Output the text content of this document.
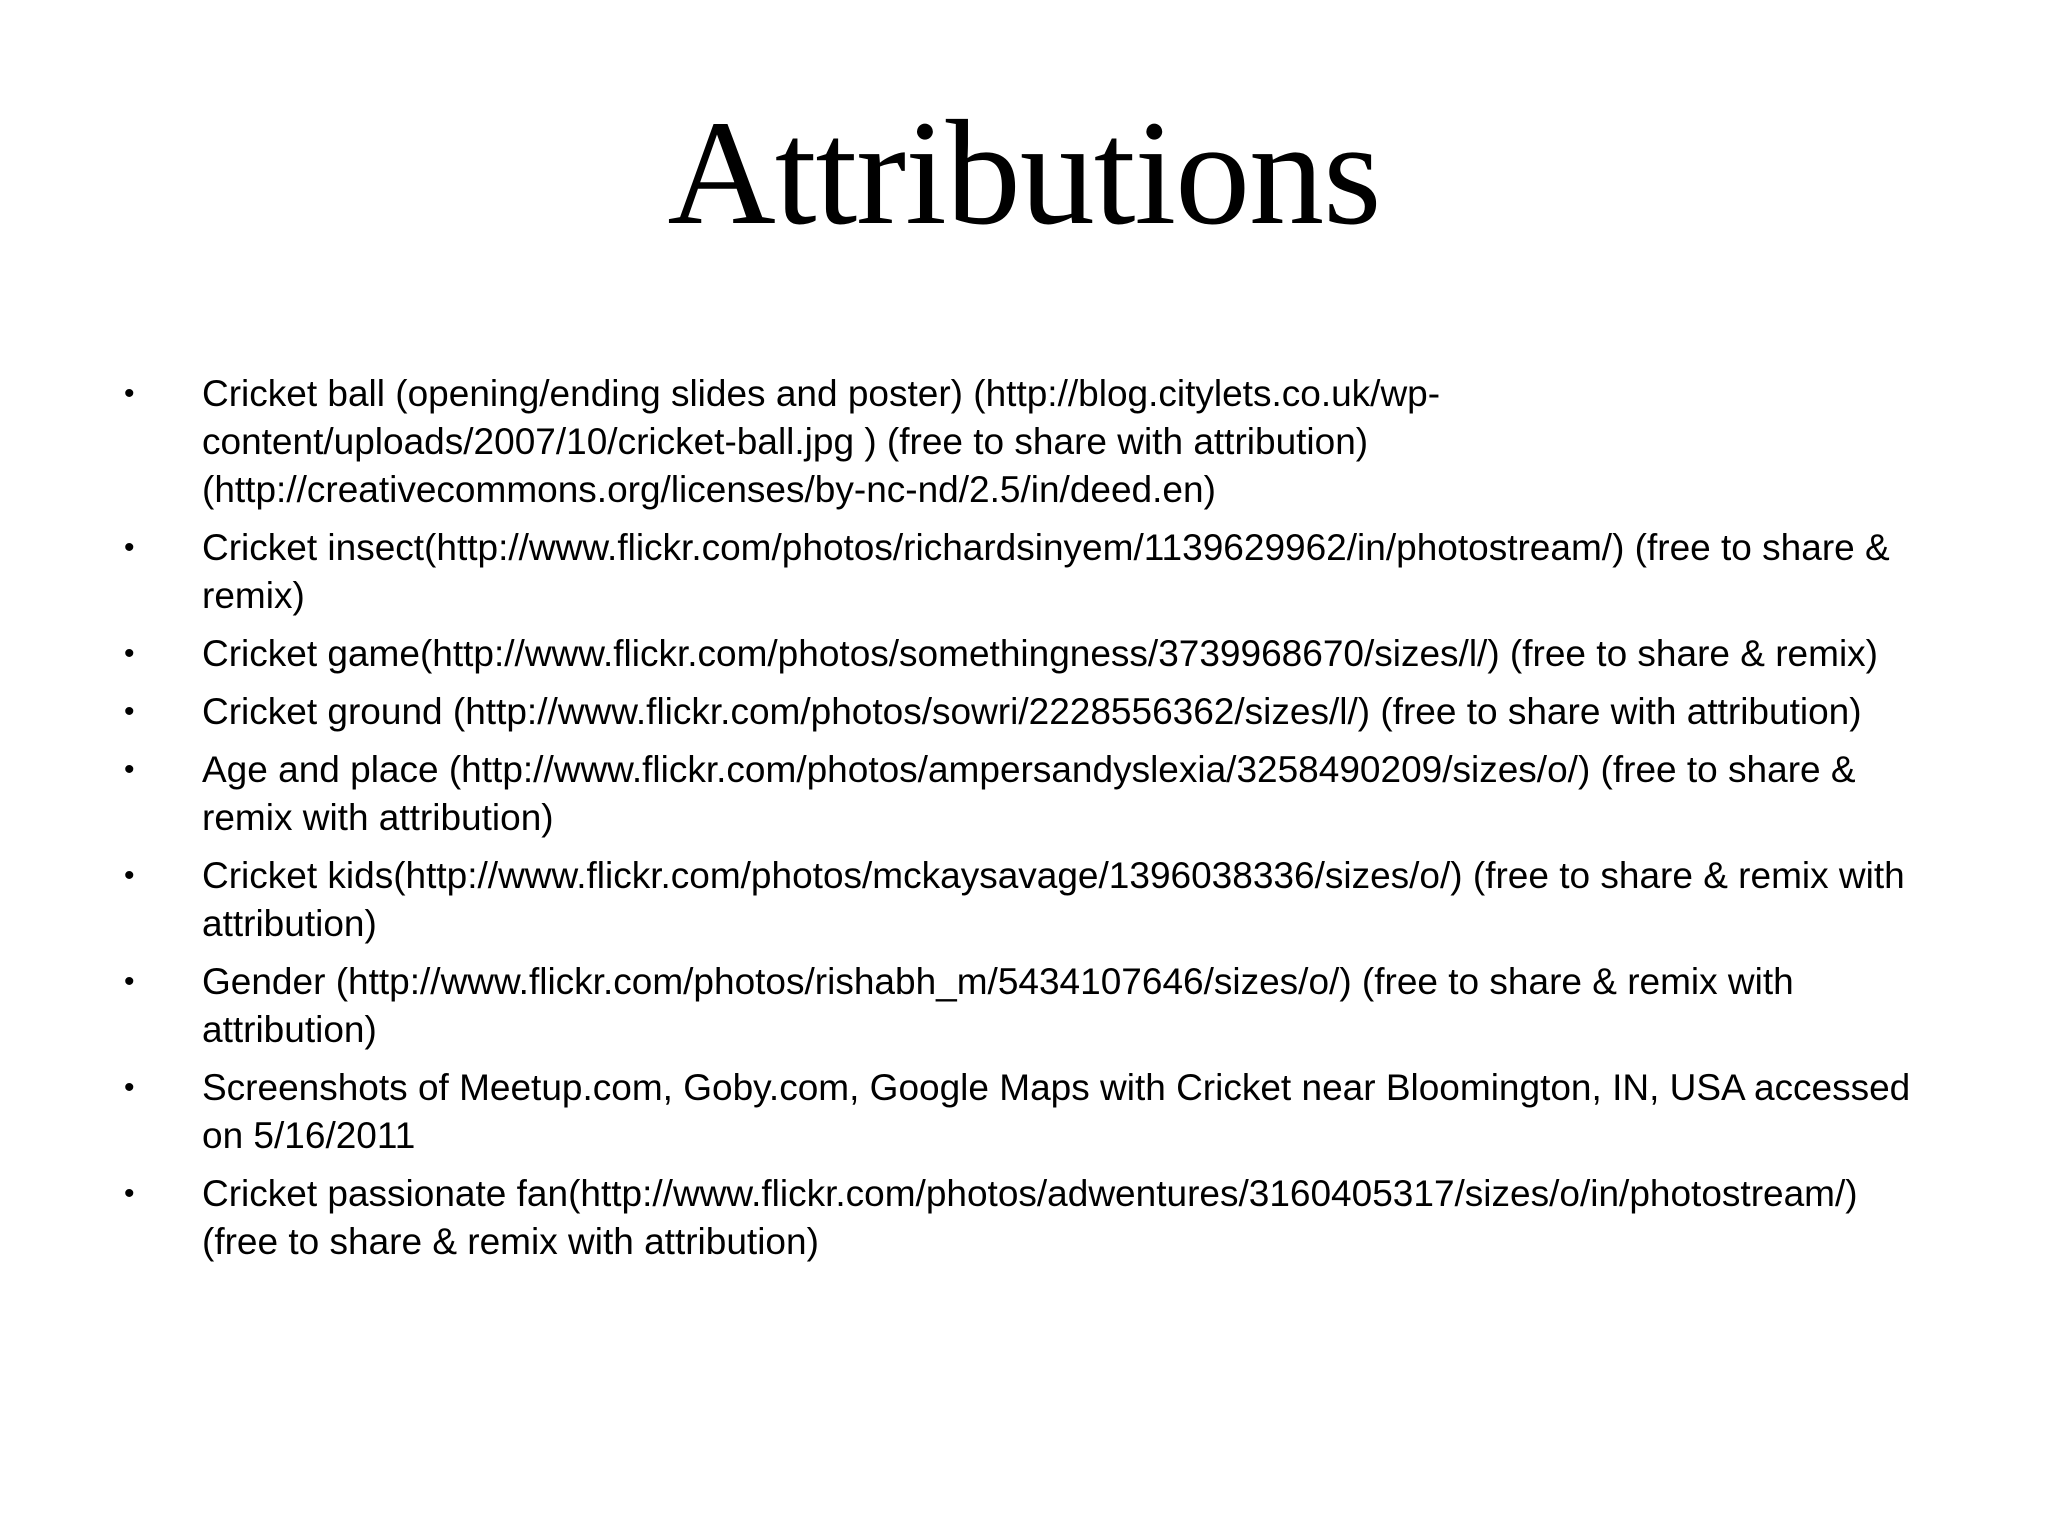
Attributions
• Cricket ball (opening/ending slides and poster) (http://blog.citylets.co.uk/wp-
content/uploads/2007/10/cricket-ball.jpg ) (free to share with attribution)
(http://creativecommons.org/licenses/by-nc-nd/2.5/in/deed.en)
• Cricket insect(http://www.flickr.com/photos/richardsinyem/1139629962/in/photostream/) (free to share &
remix)
• Cricket game(http://www.flickr.com/photos/somethingness/3739968670/sizes/l/) (free to share & remix)
• Cricket ground (http://www.flickr.com/photos/sowri/2228556362/sizes/l/) (free to share with attribution)
• Age and place (http://www.flickr.com/photos/ampersandyslexia/3258490209/sizes/o/) (free to share &
remix with attribution)
• Cricket kids(http://www.flickr.com/photos/mckaysavage/1396038336/sizes/o/) (free to share & remix with
attribution)
• Gender (http://www.flickr.com/photos/rishabh_m/5434107646/sizes/o/) (free to share & remix with
attribution)
• Screenshots of Meetup.com, Goby.com, Google Maps with Cricket near Bloomington, IN, USA accessed
on 5/16/2011
• Cricket passionate fan(http://www.flickr.com/photos/adwentures/3160405317/sizes/o/in/photostream/)
(free to share & remix with attribution)
